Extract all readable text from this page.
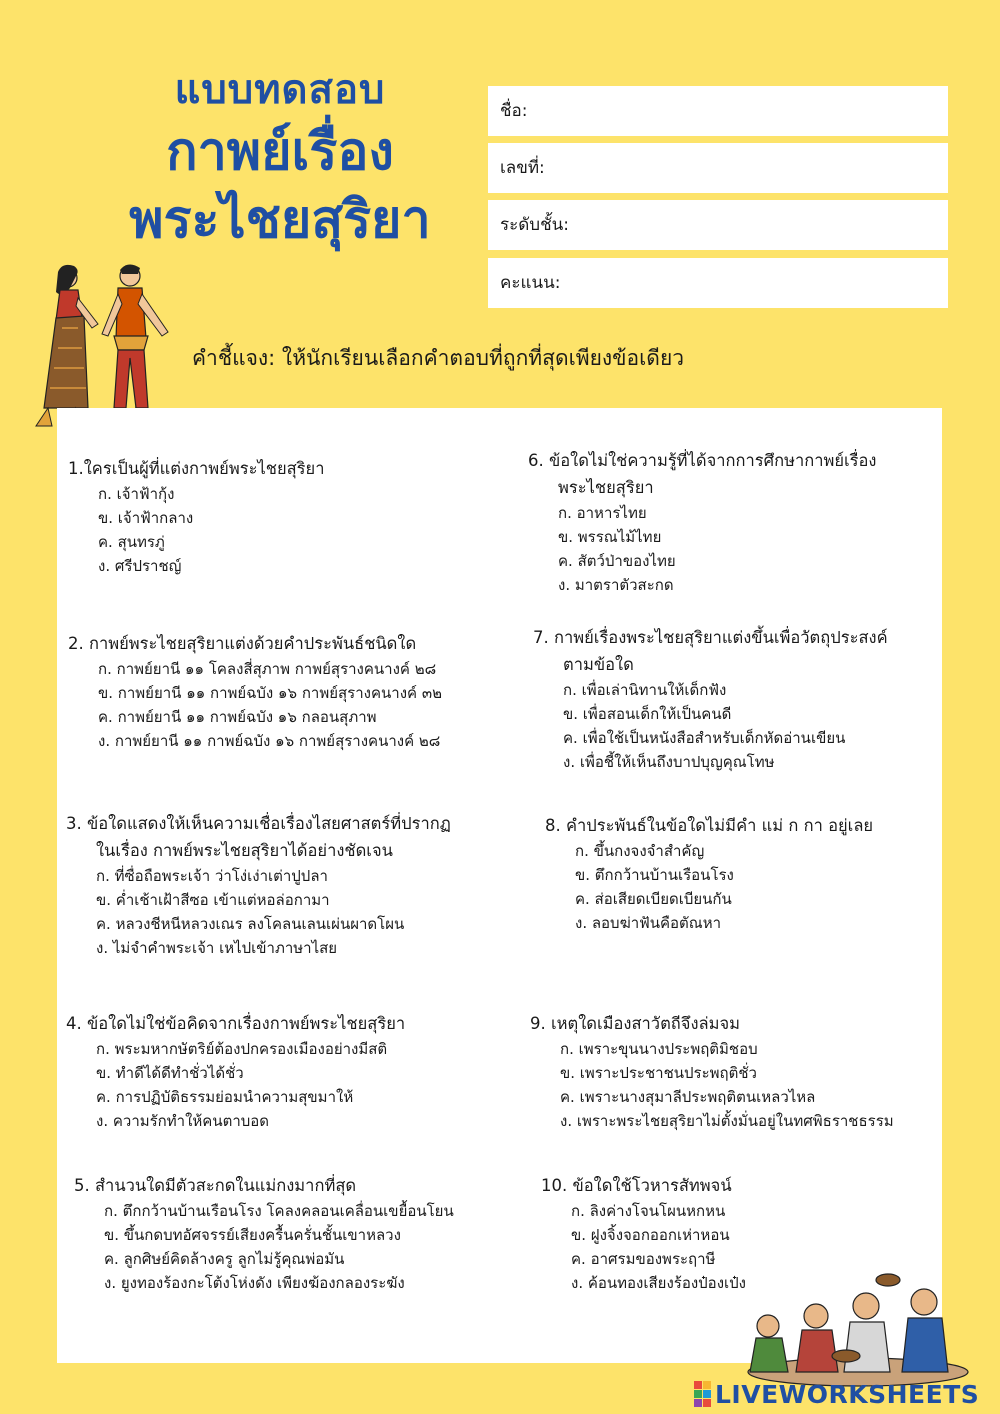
แบบทดสอบ
กาพย์เรื่อง
พระไชยสุริยา
ชื่อ:
เลขที่:
ระดับชั้น:
คะแนน:
คำชี้แจง: ให้นักเรียนเลือกคำตอบที่ถูกที่สุดเพียงข้อเดียว
1.ใครเป็นผู้ที่แต่งกาพย์พระไชยสุริยา
ก. เจ้าฟ้ากุ้ง
ข. เจ้าฟ้ากลาง
ค. สุนทรภู่
ง. ศรีปราชญ์
2. กาพย์พระไชยสุริยาแต่งด้วยคำประพันธ์ชนิดใด
ก. กาพย์ยานี ๑๑ โคลงสี่สุภาพ กาพย์สุรางคนางค์ ๒๘
ข. กาพย์ยานี ๑๑ กาพย์ฉบัง ๑๖ กาพย์สุรางคนางค์ ๓๒
ค. กาพย์ยานี ๑๑ กาพย์ฉบัง ๑๖ กลอนสุภาพ
ง. กาพย์ยานี ๑๑ กาพย์ฉบัง ๑๖ กาพย์สุรางคนางค์ ๒๘
3. ข้อใดแสดงให้เห็นความเชื่อเรื่องไสยศาสตร์ที่ปรากฏ
ในเรื่อง กาพย์พระไชยสุริยาได้อย่างชัดเจน
ก. ที่ซื่อถือพระเจ้า ว่าโง่เง่าเต่าปูปลา
ข. ค่ำเช้าเฝ้าสีซอ เข้าแต่หอล่อกามา
ค. หลวงชีหนีหลวงเณร ลงโคลนเลนเผ่นผาดโผน
ง. ไม่จำคำพระเจ้า เหไปเข้าภาษาไสย
4. ข้อใดไม่ใช่ข้อคิดจากเรื่องกาพย์พระไชยสุริยา
ก. พระมหากษัตริย์ต้องปกครองเมืองอย่างมีสติ
ข. ทำดีได้ดีทำชั่วได้ชั่ว
ค. การปฏิบัติธรรมย่อมนำความสุขมาให้
ง. ความรักทำให้คนตาบอด
5. สำนวนใดมีตัวสะกดในแม่กงมากที่สุด
ก. ตึกกว้านบ้านเรือนโรง โคลงคลอนเคลื่อนเขยื้อนโยน
ข. ขึ้นกดบทอัศจรรย์เสียงครื้นครั่นชั้นเขาหลวง
ค. ลูกศิษย์คิดล้างครู ลูกไม่รู้คุณพ่อมัน
ง. ยูงทองร้องกะโต้งโห่งดัง เพียงฆ้องกลองระฆัง
6. ข้อใดไม่ใช่ความรู้ที่ได้จากการศึกษากาพย์เรื่อง
พระไชยสุริยา
ก. อาหารไทย
ข. พรรณไม้ไทย
ค. สัตว์ป่าของไทย
ง. มาตราตัวสะกด
7. กาพย์เรื่องพระไชยสุริยาแต่งขึ้นเพื่อวัตถุประสงค์
ตามข้อใด
ก. เพื่อเล่านิทานให้เด็กฟัง
ข. เพื่อสอนเด็กให้เป็นคนดี
ค. เพื่อใช้เป็นหนังสือสำหรับเด็กหัดอ่านเขียน
ง. เพื่อชี้ให้เห็นถึงบาปบุญคุณโทษ
8. คำประพันธ์ในข้อใดไม่มีคำ แม่ ก กา อยู่เลย
ก. ขึ้นกงจงจำสำคัญ
ข. ตึกกว้านบ้านเรือนโรง
ค. ส่อเสียดเบียดเบียนกัน
ง. ลอบฆ่าฟันคือตัณหา
9. เหตุใดเมืองสาวัตถีจึงล่มจม
ก. เพราะขุนนางประพฤติมิชอบ
ข. เพราะประชาชนประพฤติชั่ว
ค. เพราะนางสุมาลีประพฤติตนเหลวไหล
ง. เพราะพระไชยสุริยาไม่ตั้งมั่นอยู่ในทศพิธราชธรรม
10. ข้อใดใช้โวหารสัทพจน์
ก. ลิงค่างโจนโผนหกหน
ข. ฝูงจิ้งจอกออกเห่าหอน
ค. อาศรมของพระฤาษี
ง. ค้อนทองเสียงร้องป๋องเป๋ง
LIVEWORKSHEETS
